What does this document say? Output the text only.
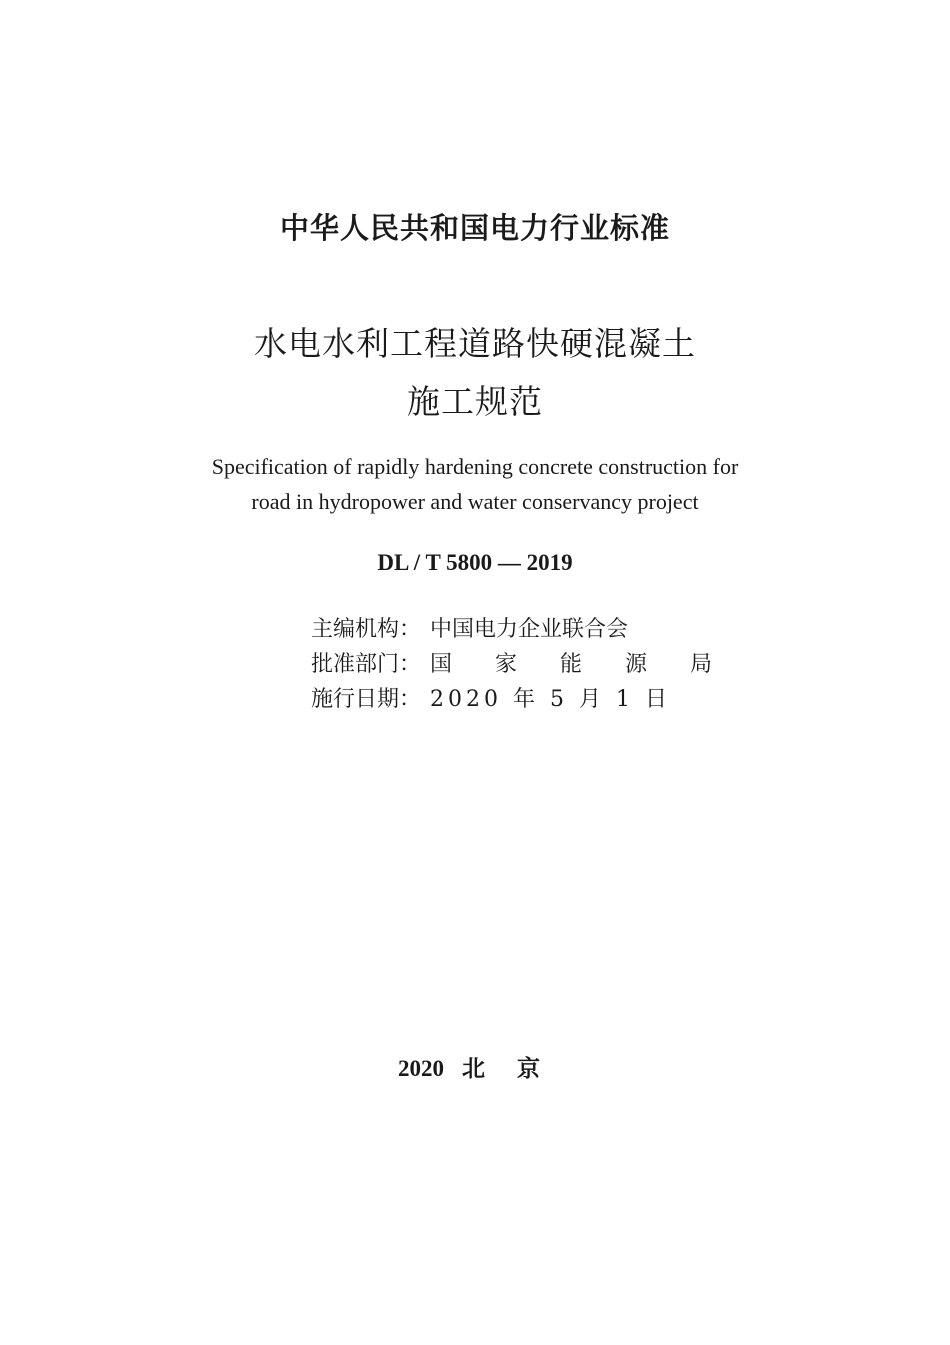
中华人民共和国电力行业标准
水电水利工程道路快硬混凝土
施工规范
Specification of rapidly hardening concrete construction for
road in hydropower and water conservancy project
DL / T 5800 — 2019
主编机构： 中国电力企业联合会
批准部门： 国 家 能 源 局
施行日期： 2020 年 5 月 1 日
2020 北 京
